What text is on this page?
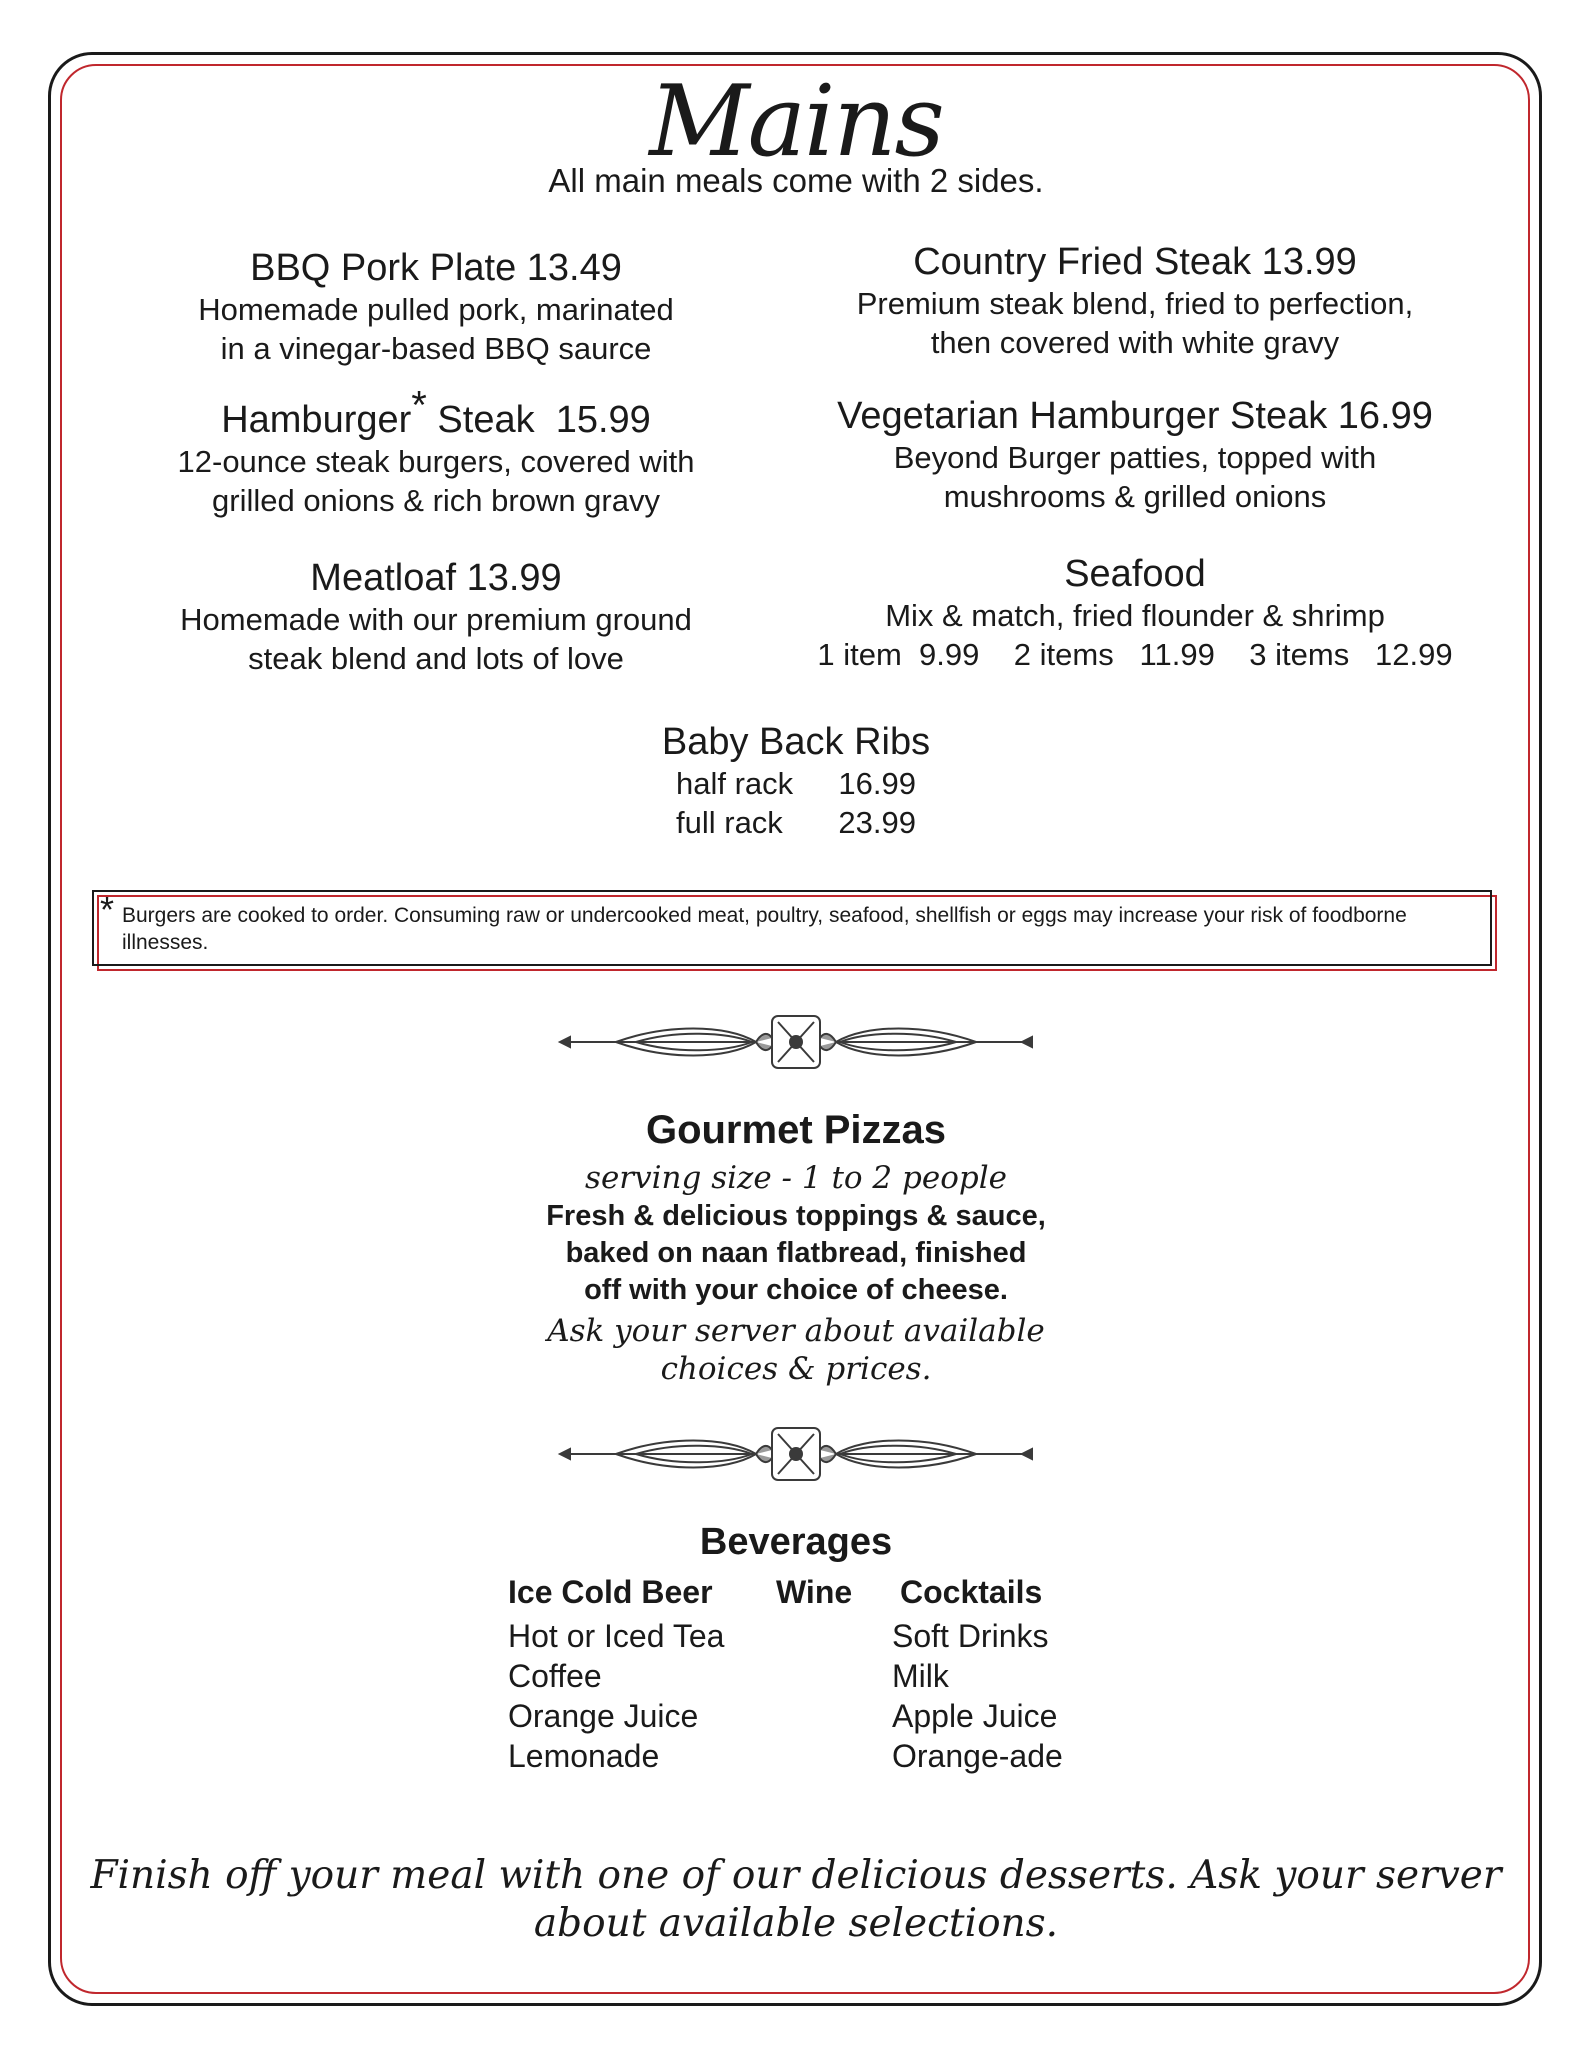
Mains
All main meals come with 2 sides.
BBQ Pork Plate 13.49
Homemade pulled pork, marinated
in a vinegar-based BBQ saurce
Country Fried Steak 13.99
Premium steak blend, fried to perfection,
then covered with white gravy
Hamburger* Steak  15.99
12-ounce steak burgers, covered with
grilled onions & rich brown gravy
Vegetarian Hamburger Steak 16.99
Beyond Burger patties, topped with
mushrooms & grilled onions
Meatloaf 13.99
Homemade with our premium ground
steak blend and lots of love
Seafood
Mix & match, fried flounder & shrimp
1 item  9.99    2 items   11.99    3 items   12.99
Baby Back Ribs
half rack	16.99
full rack	23.99
* Burgers are cooked to order. Consuming raw or undercooked meat, poultry, seafood, shellfish or eggs may increase your risk of foodborne illnesses.
Gourmet Pizzas
serving size - 1 to 2 people
Fresh & delicious toppings & sauce,
baked on naan flatbread, finished
off with your choice of cheese.
Ask your server about available
choices & prices.
Beverages
Ice Cold Beer Wine Cocktails
Hot or Iced Tea
Coffee
Orange Juice
Lemonade
Soft Drinks
Milk
Apple Juice
Orange-ade
Finish off your meal with one of our delicious desserts. Ask your server
about available selections.
